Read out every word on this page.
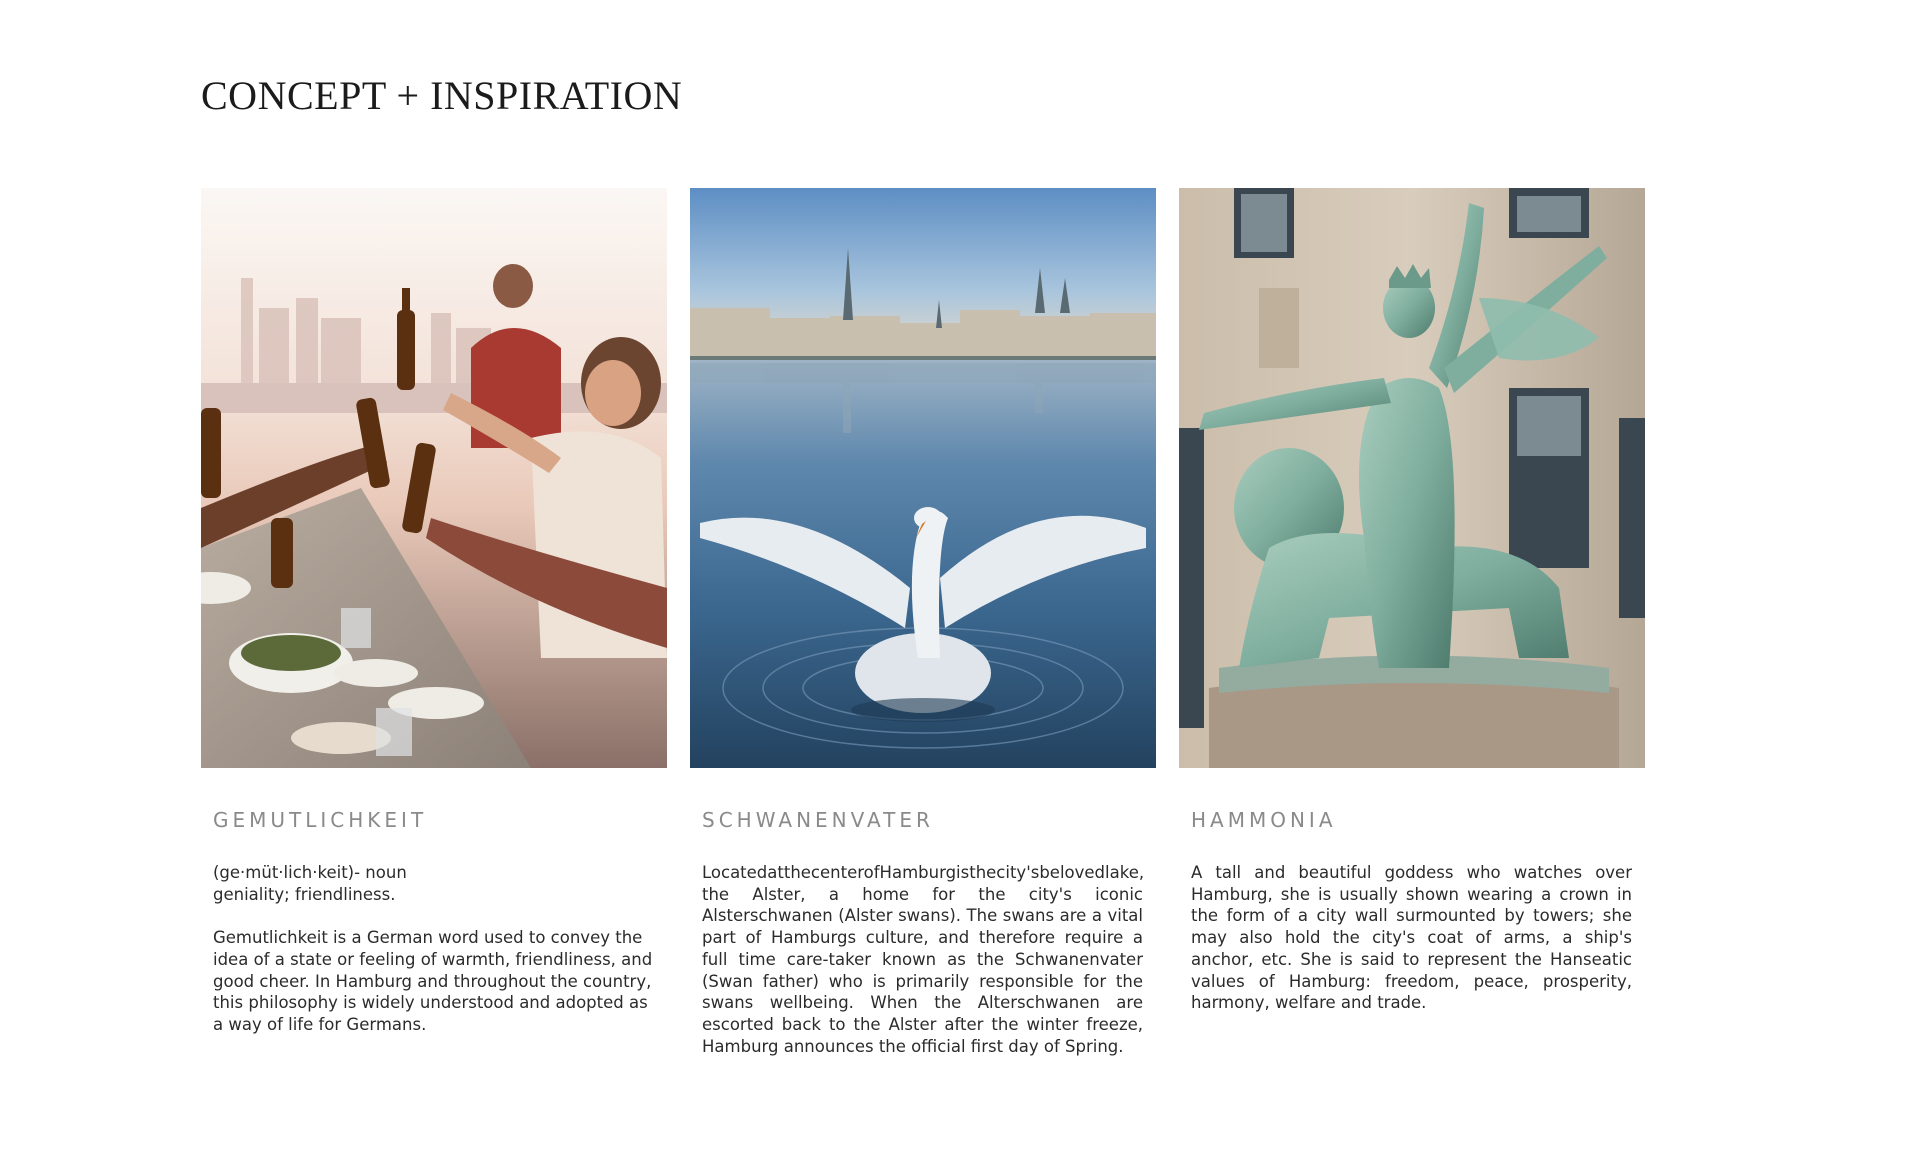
CONCEPT + INSPIRATION
GEMUTLICHKEIT

(ge·müt·lich·keit)- noun

geniality; friendliness.

Gemutlichkeit is a German word used to convey the idea of a state or feeling of warmth, friendliness, and good cheer. In Hamburg and throughout the country, this philosophy is widely understood and adopted as a way of life for Germans.

SCHWANENVATER

LocatedatthecenterofHamburgisthecity'sbelovedlake, the Alster, a home for the city's iconic Alsterschwanen (Alster swans). The swans are a vital part of Hamburgs culture, and therefore require a full time care-taker known as the Schwanenvater (Swan father) who is primarily responsible for the swans wellbeing. When the Alterschwanen are escorted back to the Alster after the winter freeze, Hamburg announces the official first day of Spring.

HAMMONIA

A tall and beautiful goddess who watches over Hamburg, she is usually shown wearing a crown in the form of a city wall surmounted by towers; she may also hold the city's coat of arms, a ship's anchor, etc. She is said to represent the Hanseatic values of Hamburg: freedom, peace, prosperity, harmony, welfare and trade.
